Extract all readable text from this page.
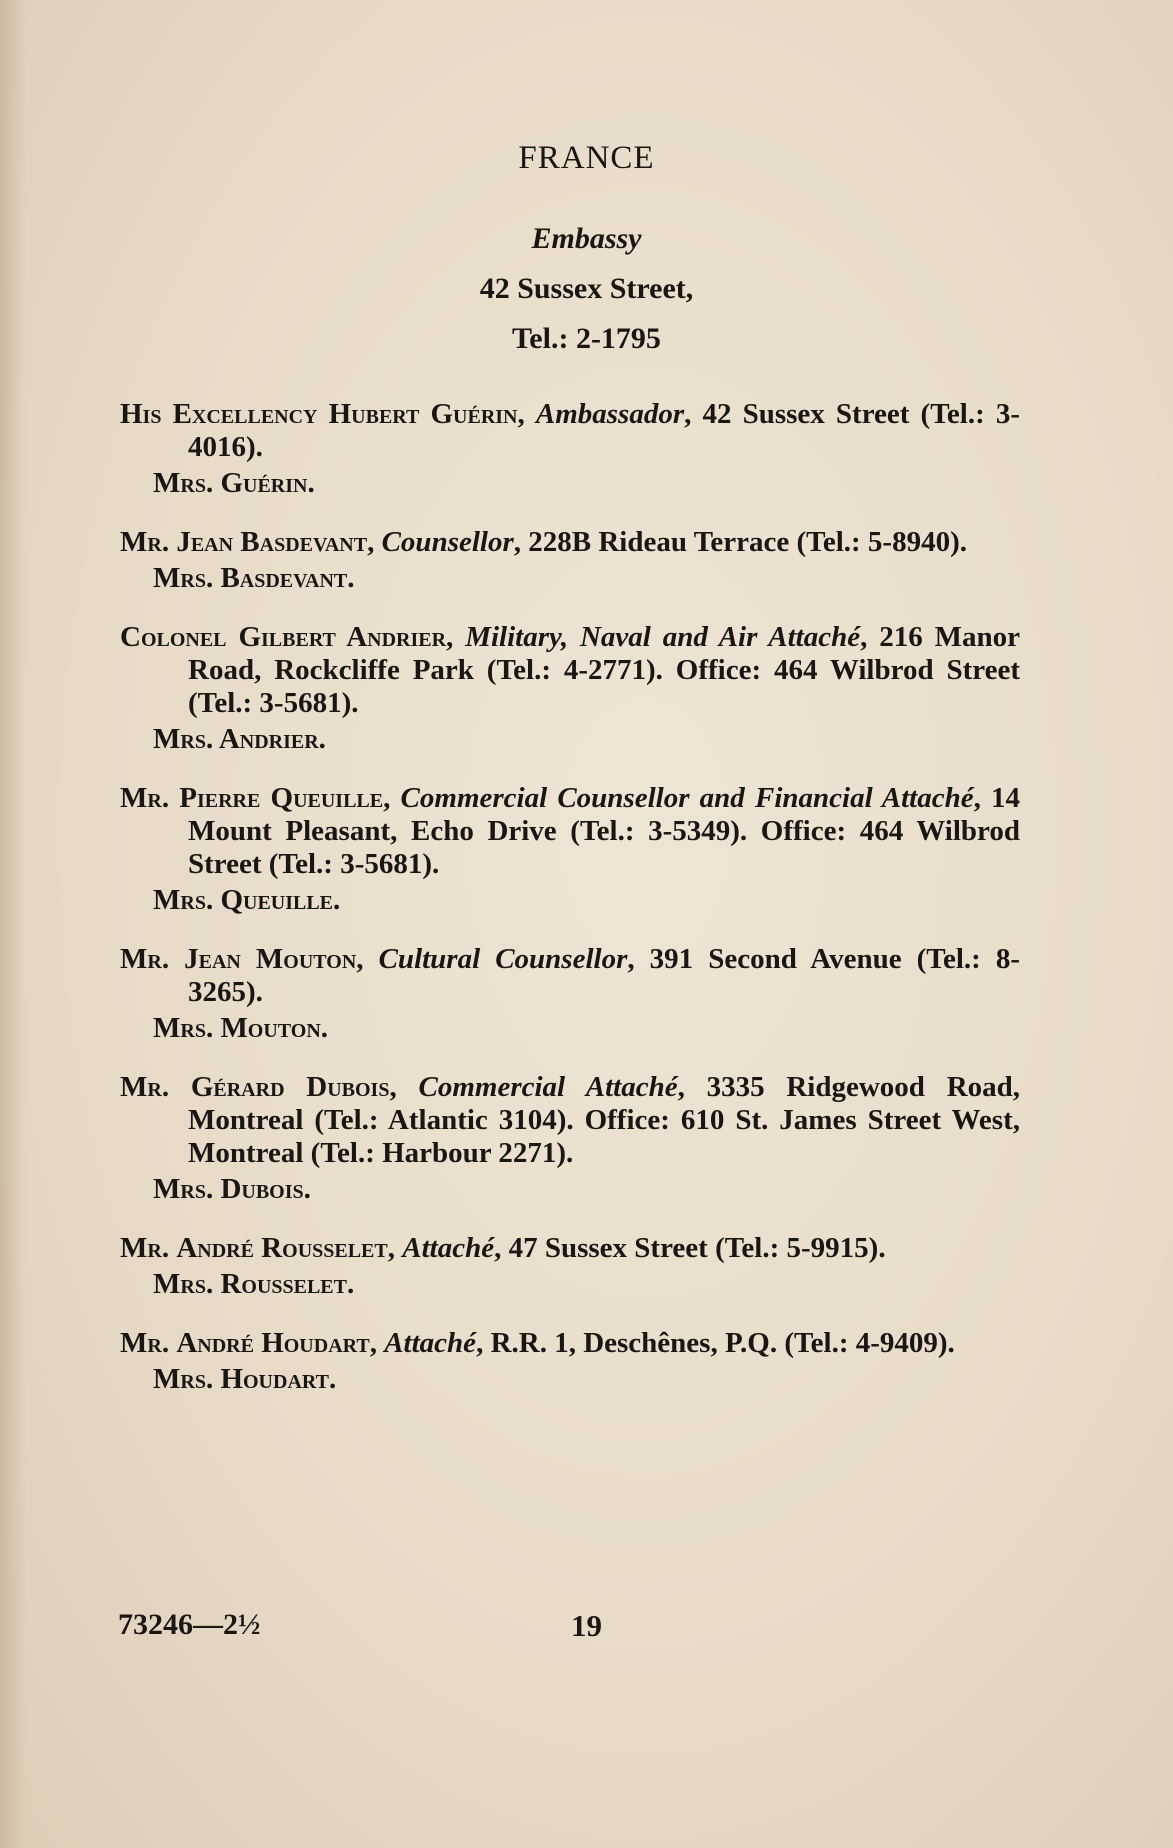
FRANCE
Embassy
42 Sussex Street,
Tel.: 2-1795
His Excellency Hubert Guérin, Ambassador, 42 Sussex Street (Tel.: 3-4016).
Mrs. Guérin.
Mr. Jean Basdevant, Counsellor, 228B Rideau Terrace (Tel.: 5-8940).
Mrs. Basdevant.
Colonel Gilbert Andrier, Military, Naval and Air Attaché, 216 Manor Road, Rockcliffe Park (Tel.: 4-2771). Office: 464 Wilbrod Street (Tel.: 3-5681).
Mrs. Andrier.
Mr. Pierre Queuille, Commercial Counsellor and Financial Attaché, 14 Mount Pleasant, Echo Drive (Tel.: 3-5349). Office: 464 Wilbrod Street (Tel.: 3-5681).
Mrs. Queuille.
Mr. Jean Mouton, Cultural Counsellor, 391 Second Avenue (Tel.: 8-3265).
Mrs. Mouton.
Mr. Gérard Dubois, Commercial Attaché, 3335 Ridgewood Road, Montreal (Tel.: Atlantic 3104). Office: 610 St. James Street West, Montreal (Tel.: Harbour 2271).
Mrs. Dubois.
Mr. André Rousselet, Attaché, 47 Sussex Street (Tel.: 5-9915).
Mrs. Rousselet.
Mr. André Houdart, Attaché, R.R. 1, Deschênes, P.Q. (Tel.: 4-9409).
Mrs. Houdart.
73246—2½	19
